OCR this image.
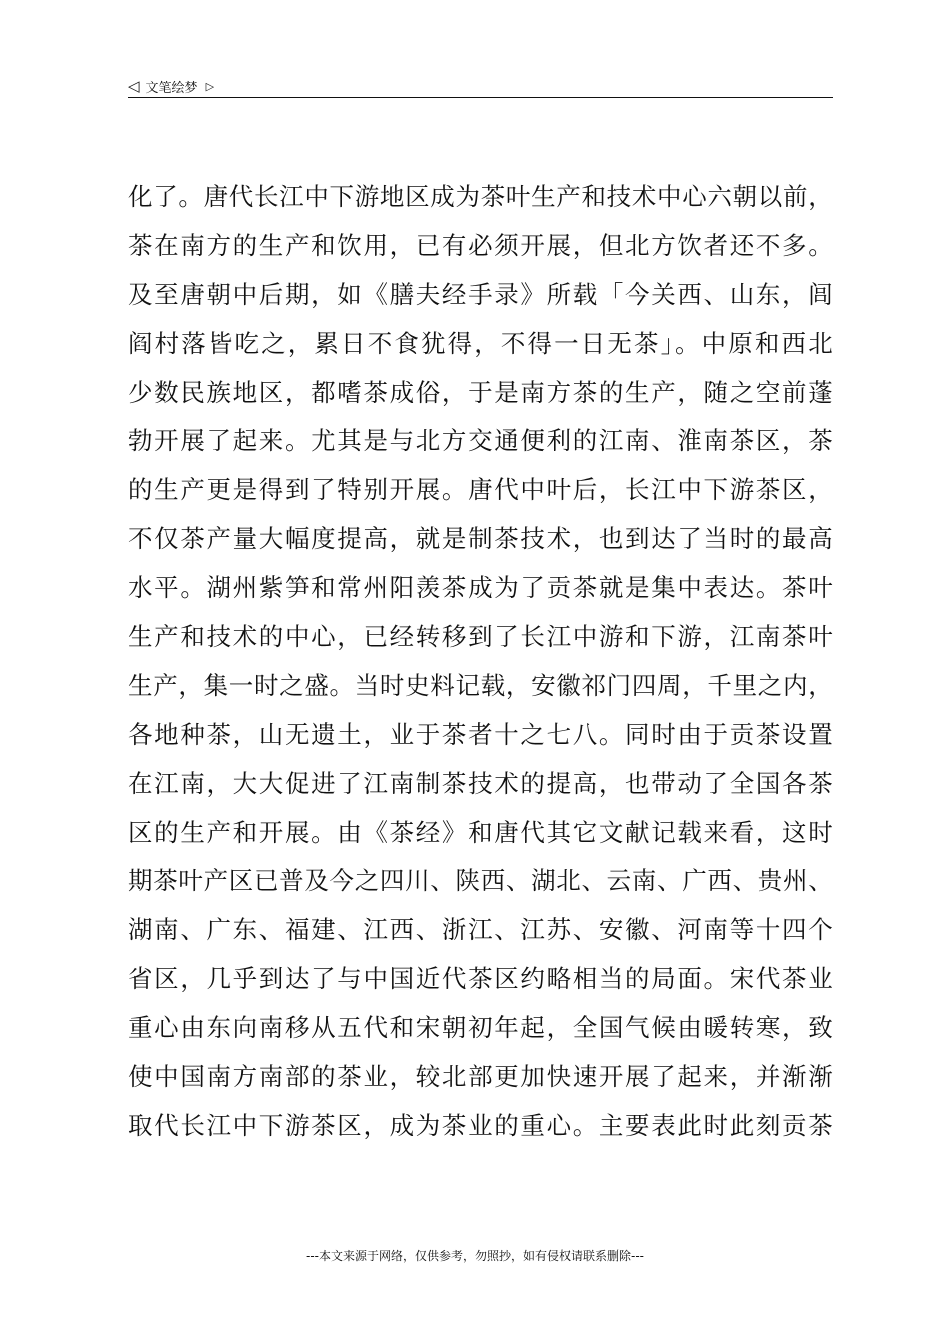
◁ 文笔绘梦 ▷
化了。唐代长江中下游地区成为茶叶生产和技术中心六朝以前，
茶在南方的生产和饮用，已有必须开展，但北方饮者还不多。
及至唐朝中后期，如《膳夫经手录》所载「今关西、山东，闾
阎村落皆吃之，累日不食犹得，不得一日无茶」。中原和西北
少数民族地区，都嗜茶成俗，于是南方茶的生产，随之空前蓬
勃开展了起来。尤其是与北方交通便利的江南、淮南茶区，茶
的生产更是得到了特别开展。唐代中叶后，长江中下游茶区，
不仅茶产量大幅度提高，就是制茶技术，也到达了当时的最高
水平。湖州紫笋和常州阳羡茶成为了贡茶就是集中表达。茶叶
生产和技术的中心，已经转移到了长江中游和下游，江南茶叶
生产，集一时之盛。当时史料记载，安徽祁门四周，千里之内，
各地种茶，山无遗土，业于茶者十之七八。同时由于贡茶设置
在江南，大大促进了江南制茶技术的提高，也带动了全国各茶
区的生产和开展。由《茶经》和唐代其它文献记载来看，这时
期茶叶产区已普及今之四川、陕西、湖北、云南、广西、贵州、
湖南、广东、福建、江西、浙江、江苏、安徽、河南等十四个
省区，几乎到达了与中国近代茶区约略相当的局面。宋代茶业
重心由东向南移从五代和宋朝初年起，全国气候由暖转寒，致
使中国南方南部的茶业，较北部更加快速开展了起来，并渐渐
取代长江中下游茶区，成为茶业的重心。主要表此时此刻贡茶
---本文来源于网络，仅供参考，勿照抄，如有侵权请联系删除---
